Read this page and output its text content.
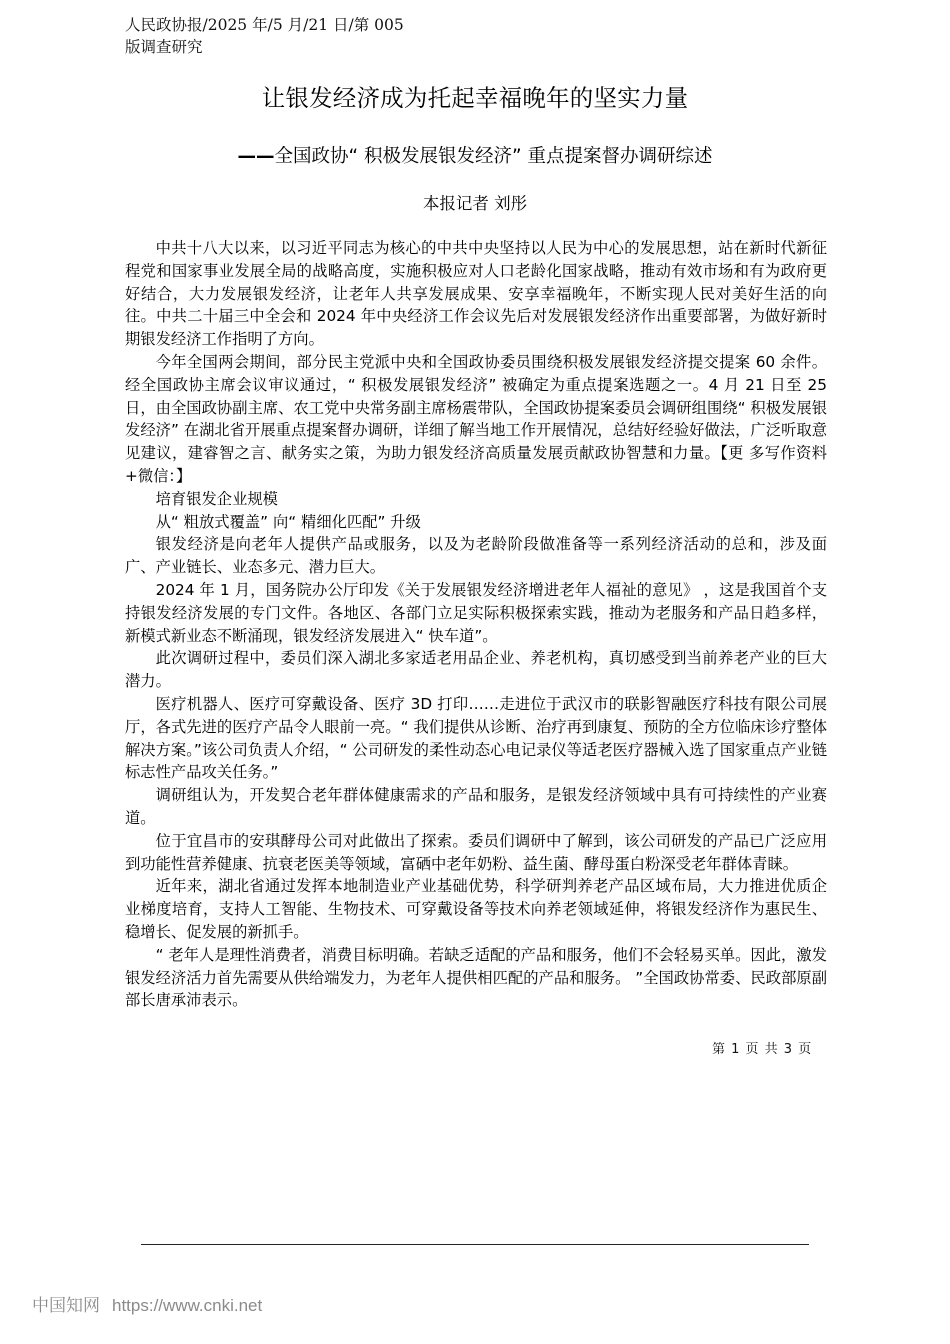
人民政协报/2025 年/5 月/21 日/第 005
版调查研究
让银发经济成为托起幸福晚年的坚实力量
——全国政协“ 积极发展银发经济” 重点提案督办调研综述
本报记者 刘彤

中共十八大以来，以习近平同志为核心的中共中央坚持以人民为中心的发展思想，站在新时代新征程党和国家事业发展全局的战略高度，实施积极应对人口老龄化国家战略，推动有效市场和有为政府更好结合，大力发展银发经济，让老年人共享发展成果、安享幸福晚年，不断实现人民对美好生活的向往。中共二十届三中全会和 2024 年中央经济工作会议先后对发展银发经济作出重要部署，为做好新时期银发经济工作指明了方向。

今年全国两会期间，部分民主党派中央和全国政协委员围绕积极发展银发经济提交提案 60 余件。经全国政协主席会议审议通过，“ 积极发展银发经济” 被确定为重点提案选题之一。4 月 21 日至 25 日，由全国政协副主席、农工党中央常务副主席杨震带队，全国政协提案委员会调研组围绕“ 积极发展银发经济” 在湖北省开展重点提案督办调研，详细了解当地工作开展情况，总结好经验好做法，广泛听取意见建议，建睿智之言、献务实之策，为助力银发经济高质量发展贡献政协智慧和力量。【更 多写作资料+微信：】

培育银发企业规模

从“ 粗放式覆盖” 向“ 精细化匹配” 升级

银发经济是向老年人提供产品或服务，以及为老龄阶段做准备等一系列经济活动的总和，涉及面广、产业链长、业态多元、潜力巨大。

2024 年 1 月，国务院办公厅印发《关于发展银发经济增进老年人福祉的意见》 ，这是我国首个支持银发经济发展的专门文件。各地区、各部门立足实际积极探索实践，推动为老服务和产品日趋多样，新模式新业态不断涌现，银发经济发展进入“ 快车道”。

此次调研过程中，委员们深入湖北多家适老用品企业、养老机构，真切感受到当前养老产业的巨大潜力。

医疗机器人、医疗可穿戴设备、医疗 3D 打印……走进位于武汉市的联影智融医疗科技有限公司展厅，各式先进的医疗产品令人眼前一亮。“ 我们提供从诊断、治疗再到康复、预防的全方位临床诊疗整体解决方案。”该公司负责人介绍，“ 公司研发的柔性动态心电记录仪等适老医疗器械入选了国家重点产业链标志性产品攻关任务。”

调研组认为，开发契合老年群体健康需求的产品和服务，是银发经济领域中具有可持续性的产业赛道。

位于宜昌市的安琪酵母公司对此做出了探索。委员们调研中了解到，该公司研发的产品已广泛应用到功能性营养健康、抗衰老医美等领域，富硒中老年奶粉、益生菌、酵母蛋白粉深受老年群体青睐。

近年来，湖北省通过发挥本地制造业产业基础优势，科学研判养老产品区域布局，大力推进优质企业梯度培育，支持人工智能、生物技术、可穿戴设备等技术向养老领域延伸，将银发经济作为惠民生、稳增长、促发展的新抓手。

“ 老年人是理性消费者，消费目标明确。若缺乏适配的产品和服务，他们不会轻易买单。因此，激发银发经济活力首先需要从供给端发力，为老年人提供相匹配的产品和服务。 ”全国政协常委、民政部原副部长唐承沛表示。

第 1 页 共 3 页
中国知网 https://www.cnki.net
